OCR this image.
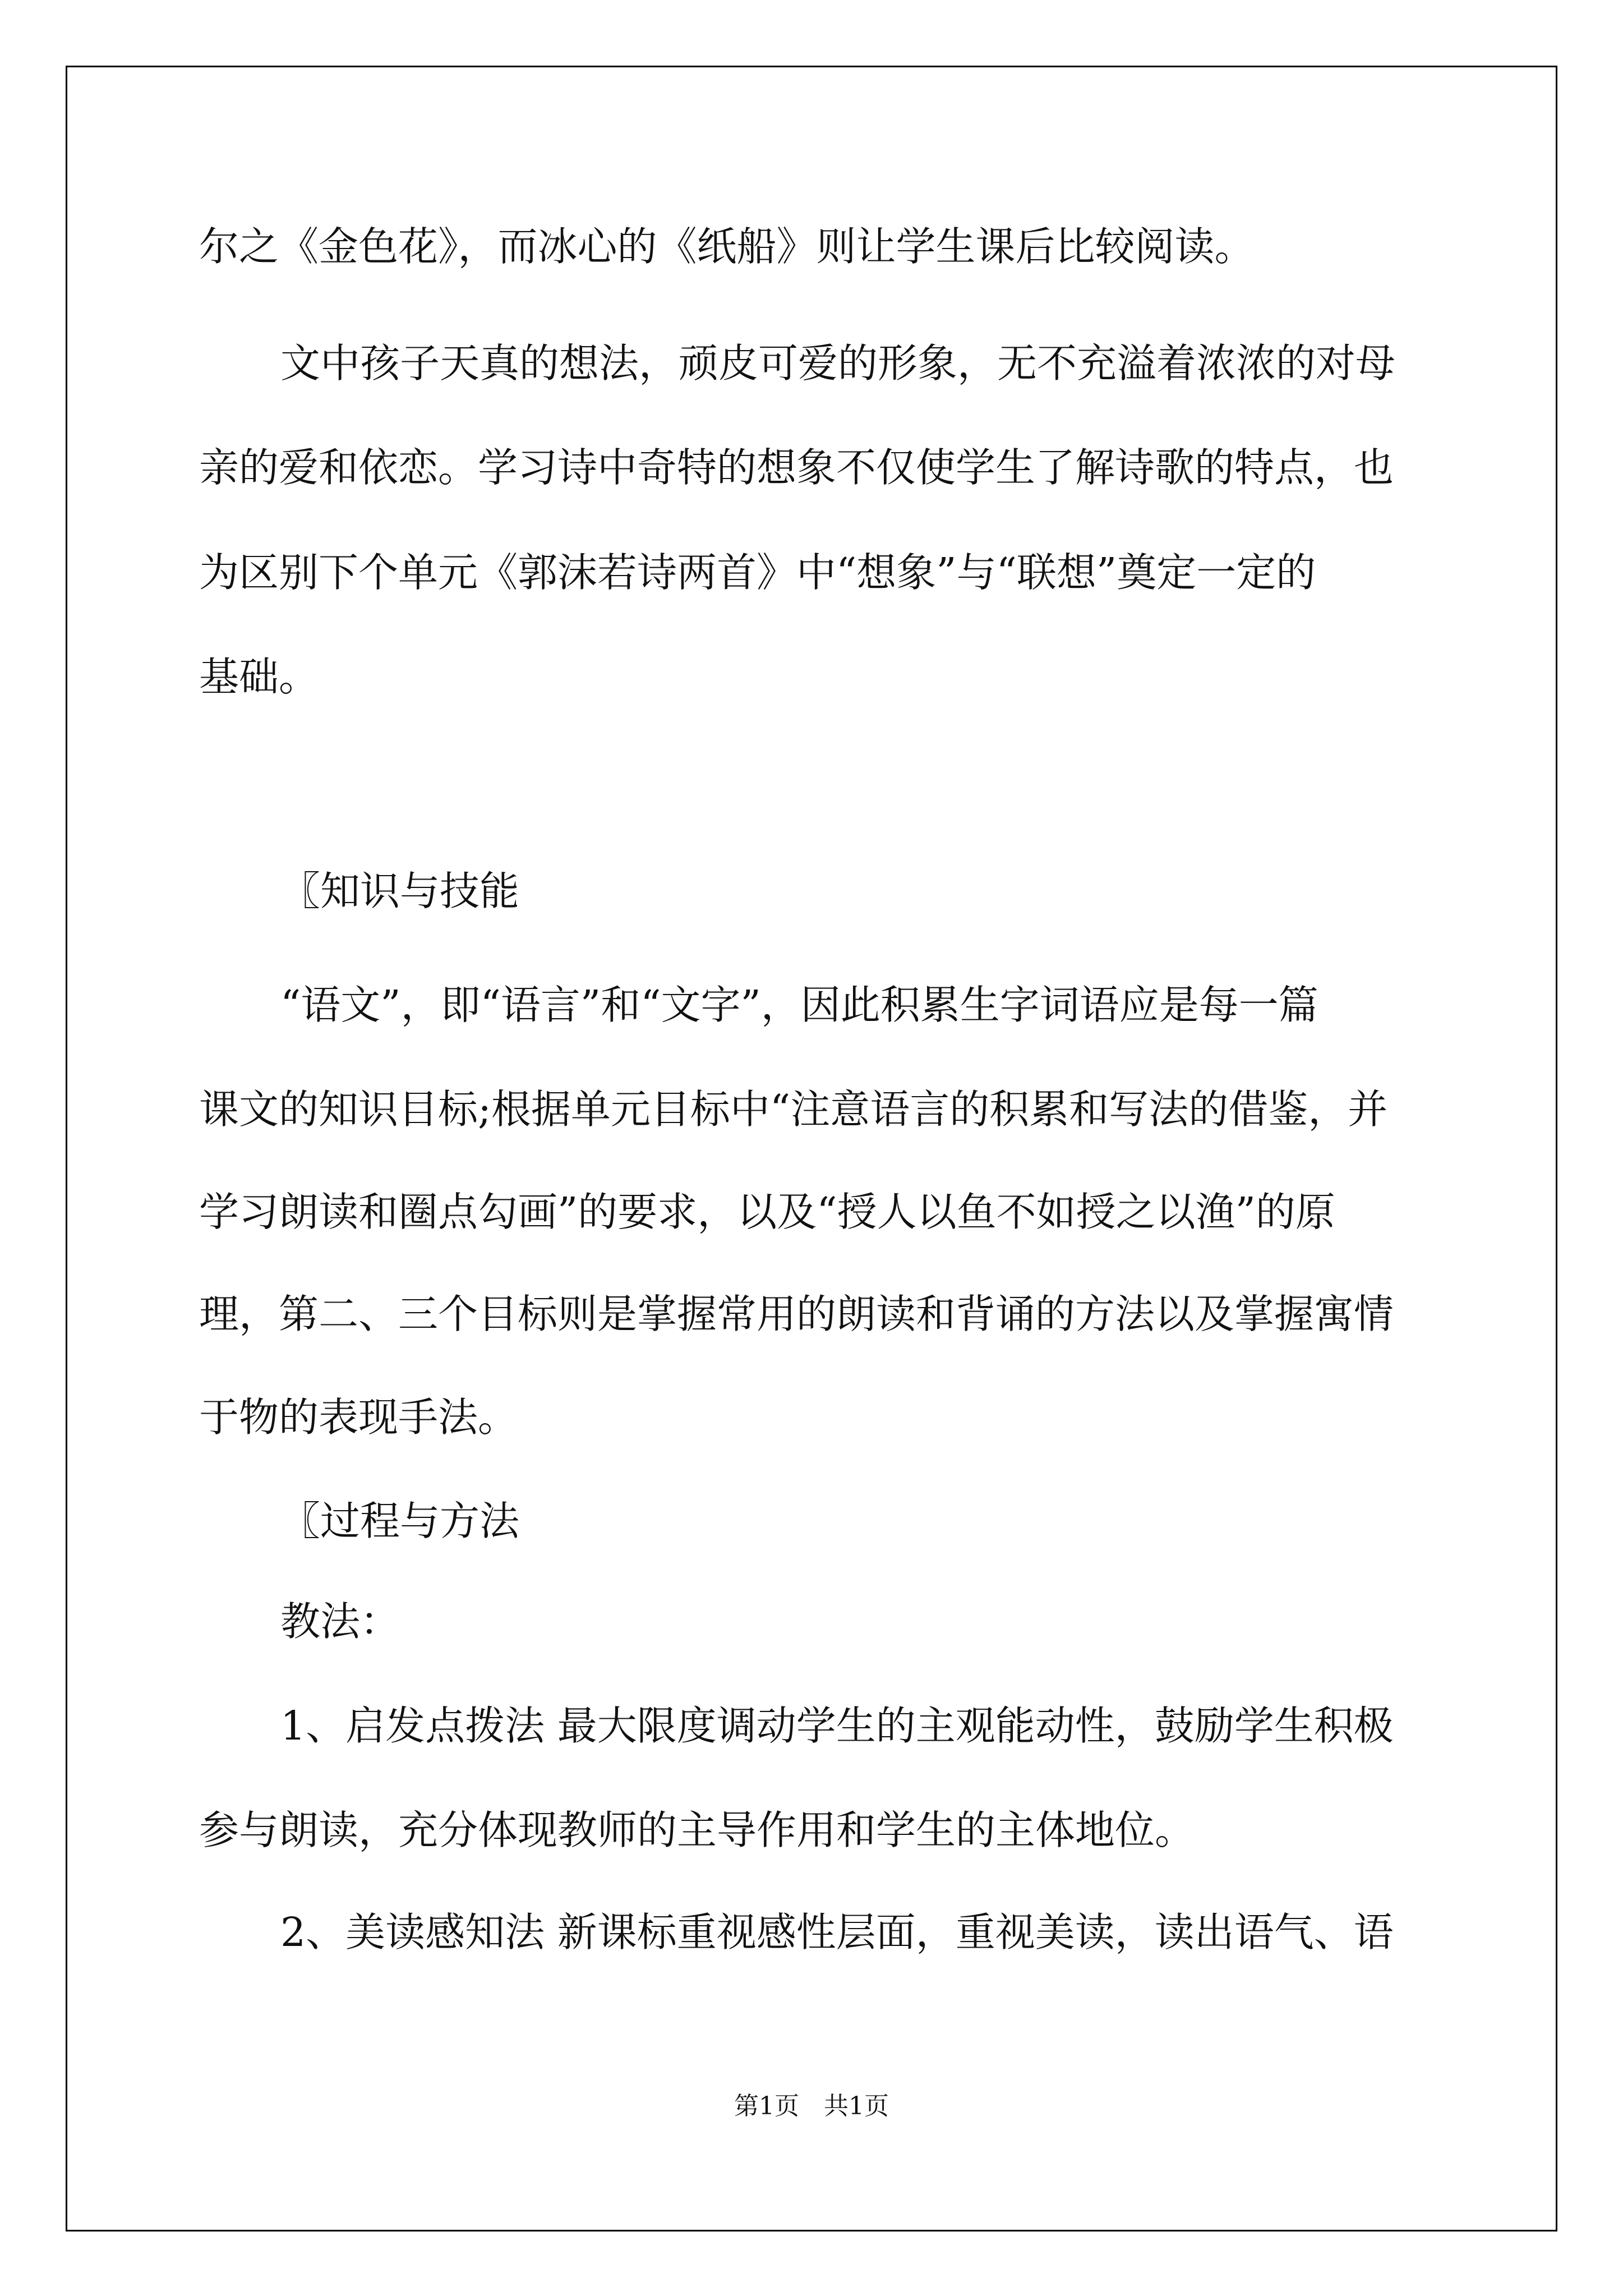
尔之《金色花》，而冰心的《纸船》则让学生课后比较阅读。

文中孩子天真的想法，顽皮可爱的形象，无不充溢着浓浓的对母

亲的爱和依恋。学习诗中奇特的想象不仅使学生了解诗歌的特点，也

为区别下个单元《郭沫若诗两首》中“想象”与“联想”奠定一定的

基础。

〖知识与技能

“语文”，即“语言”和“文字”，因此积累生字词语应是每一篇

课文的知识目标;根据单元目标中“注意语言的积累和写法的借鉴，并

学习朗读和圈点勾画”的要求，以及“授人以鱼不如授之以渔”的原

理，第二、三个目标则是掌握常用的朗读和背诵的方法以及掌握寓情

于物的表现手法。

〖过程与方法

教法：

1、启发点拨法 最大限度调动学生的主观能动性，鼓励学生积极

参与朗读，充分体现教师的主导作用和学生的主体地位。

2、美读感知法 新课标重视感性层面，重视美读，读出语气、语

第1页　共1页
